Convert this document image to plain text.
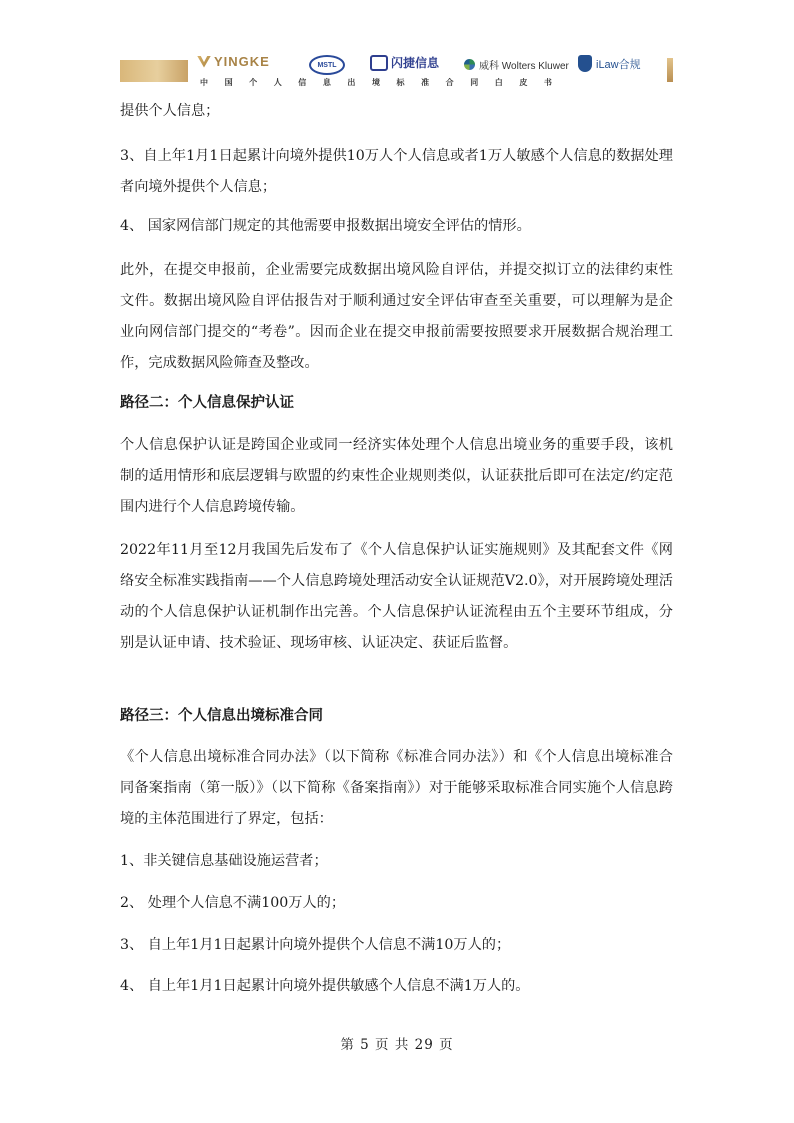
YINGKE	MSTL	闪捷信息	威科 Wolters Kluwer iLaw合规
中 国 个 人 信 息 出 境 标 准 合 同 白 皮 书

提供个人信息；

3、自上年1月1日起累计向境外提供10万人个人信息或者1万人敏感个人信息的数据处理者向境外提供个人信息；

4、 国家网信部门规定的其他需要申报数据出境安全评估的情形。

此外，在提交申报前，企业需要完成数据出境风险自评估，并提交拟订立的法律约束性文件。数据出境风险自评估报告对于顺利通过安全评估审查至关重要，可以理解为是企业向网信部门提交的“考卷”。因而企业在提交申报前需要按照要求开展数据合规治理工作，完成数据风险筛查及整改。

路径二：个人信息保护认证

个人信息保护认证是跨国企业或同一经济实体处理个人信息出境业务的重要手段，该机制的适用情形和底层逻辑与欧盟的约束性企业规则类似，认证获批后即可在法定/约定范围内进行个人信息跨境传输。

2022年11月至12月我国先后发布了《个人信息保护认证实施规则》及其配套文件《网络安全标准实践指南——个人信息跨境处理活动安全认证规范V2.0》，对开展跨境处理活动的个人信息保护认证机制作出完善。个人信息保护认证流程由五个主要环节组成，分别是认证申请、技术验证、现场审核、认证决定、获证后监督。

路径三：个人信息出境标准合同

《个人信息出境标准合同办法》（以下简称《标准合同办法》）和《个人信息出境标准合同备案指南（第一版）》（以下简称《备案指南》）对于能够采取标准合同实施个人信息跨境的主体范围进行了界定，包括：

1、非关键信息基础设施运营者；

2、 处理个人信息不满100万人的；

3、 自上年1月1日起累计向境外提供个人信息不满10万人的；

4、 自上年1月1日起累计向境外提供敏感个人信息不满1万人的。

第 5 页 共 29 页
